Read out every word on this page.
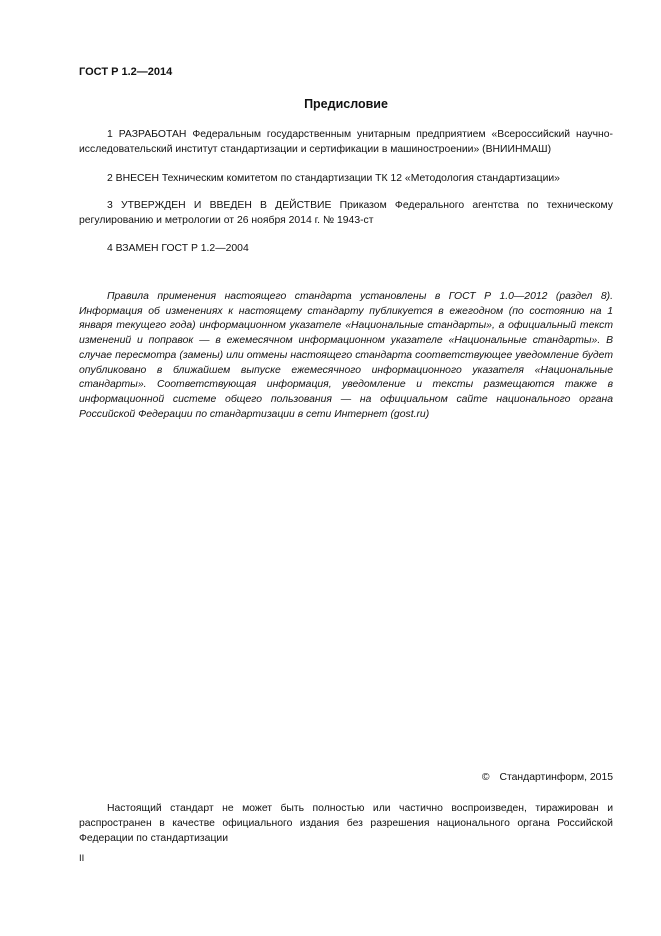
ГОСТ Р 1.2—2014
Предисловие

1 РАЗРАБОТАН Федеральным государственным унитарным предприятием «Всероссийский научно-исследовательский институт стандартизации и сертификации в машиностроении» (ВНИИНМАШ)

2 ВНЕСЕН Техническим комитетом по стандартизации ТК 12 «Методология стандартизации»

3 УТВЕРЖДЕН И ВВЕДЕН В ДЕЙСТВИЕ Приказом Федерального агентства по техническому регулированию и метрологии от 26 ноября 2014 г. № 1943-ст

4 ВЗАМЕН ГОСТ Р 1.2—2004

Правила применения настоящего стандарта установлены в ГОСТ Р 1.0—2012 (раздел 8). Информация об изменениях к настоящему стандарту публикуется в ежегодном (по состоянию на 1 января текущего года) информационном указателе «Национальные стандарты», а официальный текст изменений и поправок — в ежемесячном информационном указателе «Национальные стандарты». В случае пересмотра (замены) или отмены настоящего стандарта соответствующее уведомление будет опубликовано в ближайшем выпуске ежемесячного информационного указателя «Национальные стандарты». Соответствующая информация, уведомление и тексты размещаются также в информационной системе общего пользования — на официальном сайте национального органа Российской Федерации по стандартизации в сети Интернет (gost.ru)

© Стандартинформ, 2015

Настоящий стандарт не может быть полностью или частично воспроизведен, тиражирован и распространен в качестве официального издания без разрешения национального органа Российской Федерации по стандартизации

II
